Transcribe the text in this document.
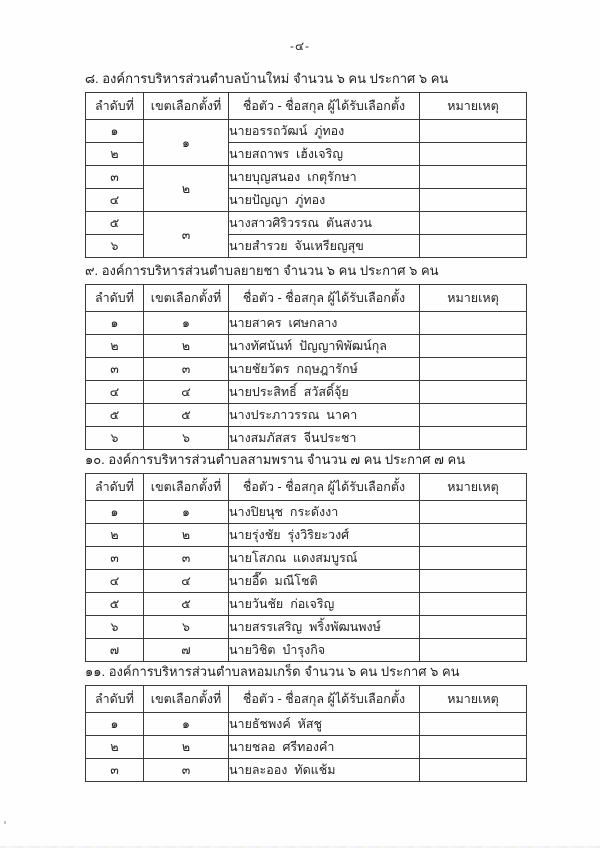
-๔-

๘. องค์การบริหารส่วนตำบลบ้านใหม่ จำนวน ๖ คน ประกาศ ๖ คน

ลำดับที่	เขตเลือกตั้งที่	ชื่อตัว - ชื่อสกุล ผู้ได้รับเลือกตั้ง	หมายเหตุ
๑	๑	นายอรรถวัฒน์  ภู่ทอง	
๒		นายสถาพร  เฮ้งเจริญ	
๓	๒	นายบุญสนอง  เกตุรักษา	
๔		นายปัญญา  ภู่ทอง	
๕	๓	นางสาวศิริวรรณ  ตันสงวน	
๖		นายสำรวย  จันเหรียญสุข	

๙. องค์การบริหารส่วนตำบลยายชา จำนวน ๖ คน ประกาศ ๖ คน

ลำดับที่	เขตเลือกตั้งที่	ชื่อตัว - ชื่อสกุล ผู้ได้รับเลือกตั้ง	หมายเหตุ
๑	๑	นายสาคร  เศษกลาง	
๒	๒	นางทัศนันท์  ปัญญาพิพัฒน์กุล	
๓	๓	นายชัยวัตร  กฤษฎารักษ์	
๔	๔	นายประสิทธิ์  สวัสดิ์จุ้ย	
๕	๕	นางประภาวรรณ  นาคา	
๖	๖	นางสมภัสสร  จีนประชา	

๑๐. องค์การบริหารส่วนตำบลสามพราน จำนวน ๗ คน ประกาศ ๗ คน

ลำดับที่	เขตเลือกตั้งที่	ชื่อตัว - ชื่อสกุล ผู้ได้รับเลือกตั้ง	หมายเหตุ
๑	๑	นางปิยนุช  กระดังงา	
๒	๒	นายรุ่งชัย  รุ่งวิริยะวงศ์	
๓	๓	นายโสภณ  แดงสมบูรณ์	
๔	๔	นายอี๊ด  มณีโชติ	
๕	๕	นายวันชัย  ก่อเจริญ	
๖	๖	นายสรรเสริญ  พริ้งพัฒนพงษ์	
๗	๗	นายวิชิต  บำรุงกิจ	

๑๑. องค์การบริหารส่วนตำบลหอมเกร็ด จำนวน ๖ คน ประกาศ ๖ คน

ลำดับที่	เขตเลือกตั้งที่	ชื่อตัว - ชื่อสกุล ผู้ได้รับเลือกตั้ง	หมายเหตุ
๑	๑	นายธัชพงค์  หัสชู	
๒	๒	นายชลอ  ศรีทองคำ	
๓	๓	นายละออง  ทัดแช้ม	
